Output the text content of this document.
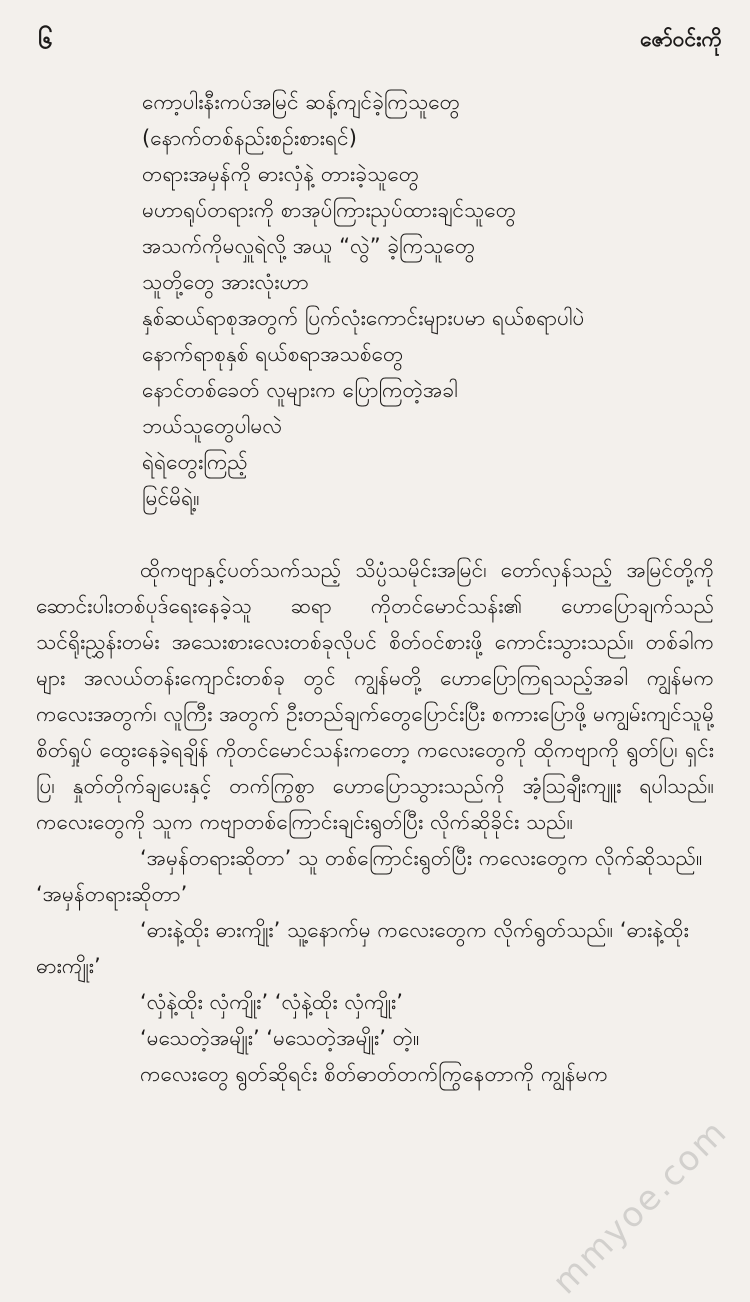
၆	ဇော်ဝင်းကို
ကော့ပါးနီးကပ်အမြင် ဆန့်ကျင်ခဲ့ကြသူတွေ
(နောက်တစ်နည်းစဉ်းစားရင်)
တရားအမှန်ကို ဓားလှံနဲ့ တားခဲ့သူတွေ
မဟာရုပ်တရားကို စာအုပ်ကြားညှပ်ထားချင်သူတွေ
အသက်ကိုမလှူရဲလို့ အယူ “လွဲ” ခဲ့ကြသူတွေ
သူတို့တွေ အားလုံးဟာ
နှစ်ဆယ်ရာစုအတွက် ပြက်လုံးကောင်းများပမာ ရယ်စရာပါပဲ
နောက်ရာစုနှစ် ရယ်စရာအသစ်တွေ
နောင်တစ်ခေတ် လူများက ပြောကြတဲ့အခါ
ဘယ်သူတွေပါမလဲ
ရဲရဲတွေးကြည့်
မြင်မိရဲ့။

ထိုကဗျာနှင့်ပတ်သက်သည့် သိပ္ပံသမိုင်းအမြင်၊ တော်လှန်သည့် အမြင်တို့ကို ဆောင်းပါးတစ်ပုဒ်ရေးနေခဲ့သူ ဆရာ ကိုတင်မောင်သန်း၏ ဟောပြောချက်သည် သင်ရိုးညွှန်းတမ်း အသေးစားလေးတစ်ခုလိုပင် စိတ်ဝင်စားဖို့ ကောင်းသွားသည်။ တစ်ခါကများ အလယ်တန်းကျောင်းတစ်ခု တွင် ကျွန်မတို့ ဟောပြောကြရသည့်အခါ ကျွန်မက ကလေးအတွက်၊ လူကြီး အတွက် ဦးတည်ချက်တွေပြောင်းပြီး စကားပြောဖို့ မကျွမ်းကျင်သူမို့ စိတ်ရှုပ် ထွေးနေခဲ့ရချိန် ကိုတင်မောင်သန်းကတော့ ကလေးတွေကို ထိုကဗျာကို ရွတ်ပြ၊ ရှင်းပြ၊ နှုတ်တိုက်ချပေးနှင့် တက်ကြွစွာ ဟောပြောသွားသည်ကို အံ့သြချီးကျူး ရပါသည်။ ကလေးတွေကို သူက ကဗျာတစ်ကြောင်းချင်းရွတ်ပြီး လိုက်ဆိုခိုင်း သည်။

‘အမှန်တရားဆိုတာ’ သူ တစ်ကြောင်းရွတ်ပြီး ကလေးတွေက လိုက်ဆိုသည်။ ‘အမှန်တရားဆိုတာ’

‘ဓားနဲ့ထိုး ဓားကျိုး’ သူ့နောက်မှ ကလေးတွေက လိုက်ရွတ်သည်။ ‘ဓားနဲ့ထိုး ဓားကျိုး’

‘လှံနဲ့ထိုး လှံကျိုး’ ‘လှံနဲ့ထိုး လှံကျိုး’

‘မသေတဲ့အမျိုး’ ‘မသေတဲ့အမျိုး’ တဲ့။

ကလေးတွေ ရွတ်ဆိုရင်း စိတ်ဓာတ်တက်ကြွနေတာကို ကျွန်မက

mmyoe.com
